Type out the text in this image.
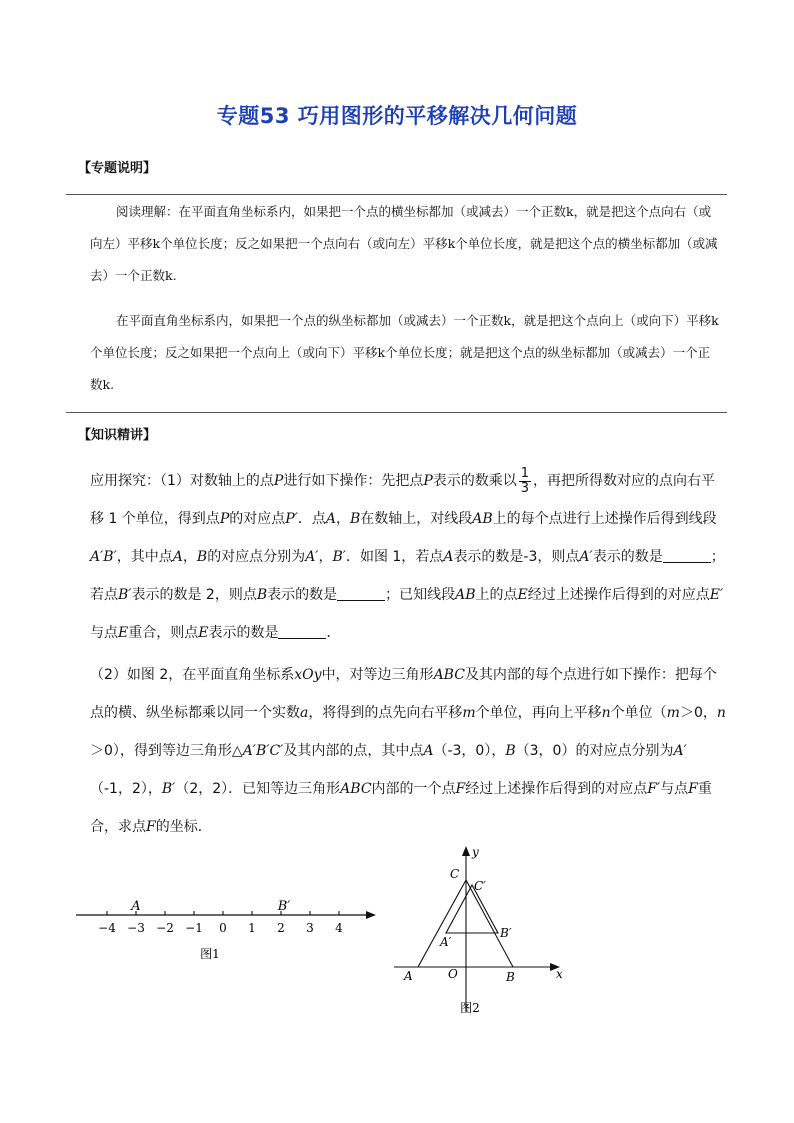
专题53 巧用图形的平移解决几何问题
【专题说明】
阅读理解：在平面直角坐标系内，如果把一个点的横坐标都加（或减去）一个正数k，就是把这个点向右（或向左）平移k个单位长度；反之如果把一个点向右（或向左）平移k个单位长度，就是把这个点的横坐标都加（或减去）一个正数k.
在平面直角坐标系内，如果把一个点的纵坐标都加（或减去）一个正数k，就是把这个点向上（或向下）平移k个单位长度；反之如果把一个点向上（或向下）平移k个单位长度；就是把这个点的纵坐标都加（或减去）一个正数k.
【知识精讲】
应用探究：（1）对数轴上的点P进行如下操作：先把点P表示的数乘以 $\frac{1}{3}$ ，再把所得数对应的点向右平移 1 个单位，得到点P的对应点P′．点A，B在数轴上，对线段AB上的每个点进行上述操作后得到线段A′B′，其中点A，B的对应点分别为A′，B′．如图 1，若点A表示的数是-3，则点A′表示的数是	；若点B′表示的数是 2，则点B表示的数是	；已知线段AB上的点E经过上述操作后得到的对应点E′与点E重合，则点E表示的数是	．
（2）如图 2，在平面直角坐标系xOy中，对等边三角形ABC及其内部的每个点进行如下操作：把每个点的横、纵坐标都乘以同一个实数a，将得到的点先向右平移m个单位，再向上平移n个单位（m＞0，n＞0），得到等边三角形△A′B′C′及其内部的点，其中点A（-3，0），B（3，0）的对应点分别为A′（-1，2），B′（2，2）．已知等边三角形ABC内部的一个点F经过上述操作后得到的对应点F′与点F重合，求点F的坐标．
−4 −3 −2 −1 0 1 2 3 4
A	B′
图1
y
x
O
A	B
C
C′
A′
B′
图2
